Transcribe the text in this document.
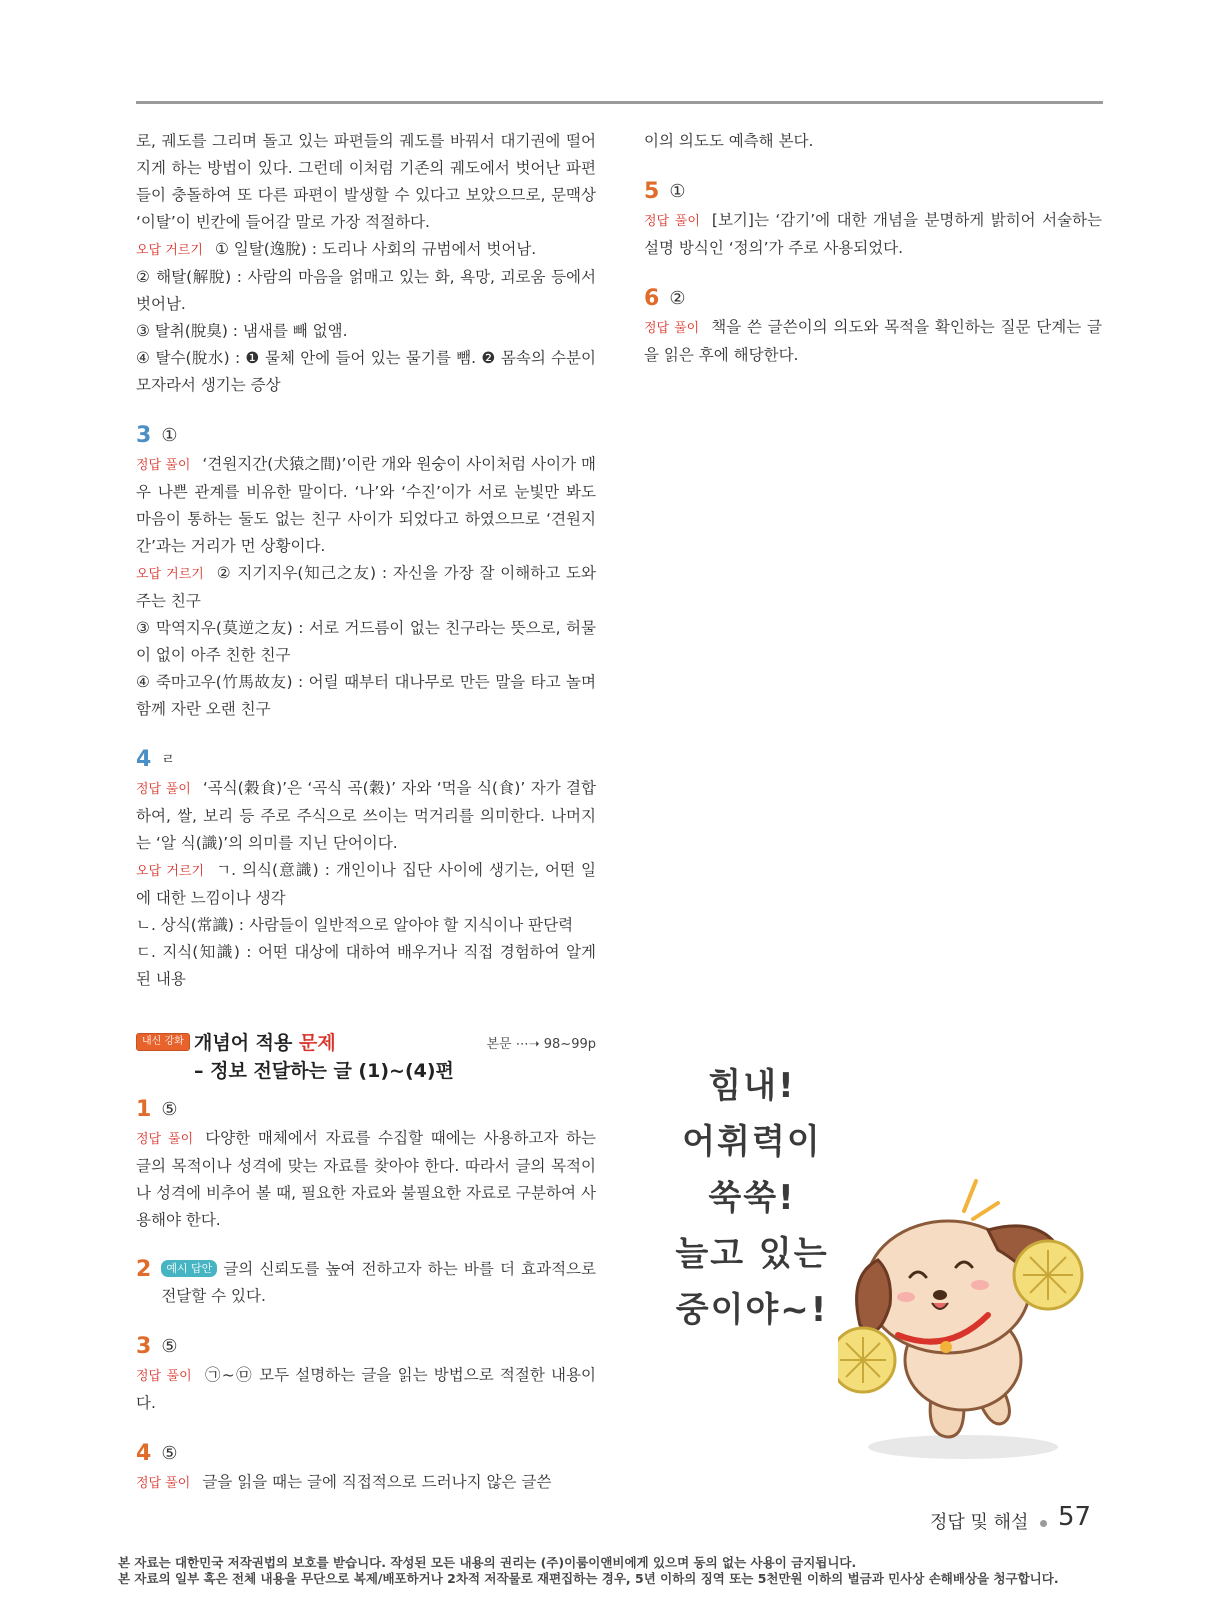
로, 궤도를 그리며 돌고 있는 파편들의 궤도를 바꿔서 대기권에 떨어지게 하는 방법이 있다. 그런데 이처럼 기존의 궤도에서 벗어난 파편들이 충돌하여 또 다른 파편이 발생할 수 있다고 보았으므로, 문맥상 ‘이탈’이 빈칸에 들어갈 말로 가장 적절하다.

오답 거르기 ① 일탈(逸脫) : 도리나 사회의 규범에서 벗어남.

② 해탈(解脫) : 사람의 마음을 얽매고 있는 화, 욕망, 괴로움 등에서 벗어남.

③ 탈취(脫臭) : 냄새를 빼 없앰.

④ 탈수(脫水) : ❶ 물체 안에 들어 있는 물기를 뺌. ❷ 몸속의 수분이 모자라서 생기는 증상

3 ①

정답 풀이 ‘견원지간(犬猿之間)’이란 개와 원숭이 사이처럼 사이가 매우 나쁜 관계를 비유한 말이다. ‘나’와 ‘수진’이가 서로 눈빛만 봐도 마음이 통하는 둘도 없는 친구 사이가 되었다고 하였으므로 ‘견원지간’과는 거리가 먼 상황이다.

오답 거르기 ② 지기지우(知己之友) : 자신을 가장 잘 이해하고 도와주는 친구

③ 막역지우(莫逆之友) : 서로 거드름이 없는 친구라는 뜻으로, 허물이 없이 아주 친한 친구

④ 죽마고우(竹馬故友) : 어릴 때부터 대나무로 만든 말을 타고 놀며 함께 자란 오랜 친구

4 ㄹ

정답 풀이 ‘곡식(穀食)’은 ‘곡식 곡(穀)’ 자와 ‘먹을 식(食)’ 자가 결합하여, 쌀, 보리 등 주로 주식으로 쓰이는 먹거리를 의미한다. 나머지는 ‘알 식(識)’의 의미를 지닌 단어이다.

오답 거르기 ㄱ. 의식(意識) : 개인이나 집단 사이에 생기는, 어떤 일에 대한 느낌이나 생각

ㄴ. 상식(常識) : 사람들이 일반적으로 알아야 할 지식이나 판단력

ㄷ. 지식(知識) : 어떤 대상에 대하여 배우거나 직접 경험하여 알게 된 내용

내신 강화 개념어 적용 문제
– 정보 전달하는 글 (1)~(4)편
본문 ⋯➝ 98~99p
1 ⑤

정답 풀이 다양한 매체에서 자료를 수집할 때에는 사용하고자 하는 글의 목적이나 성격에 맞는 자료를 찾아야 한다. 따라서 글의 목적이나 성격에 비추어 볼 때, 필요한 자료와 불필요한 자료로 구분하여 사용해야 한다.

2	예시 답안 글의 신뢰도를 높여 전하고자 하는 바를 더 효과적으로 전달할 수 있다.

3 ⑤

정답 풀이 ㉠~㉤ 모두 설명하는 글을 읽는 방법으로 적절한 내용이다.

4 ⑤

정답 풀이 글을 읽을 때는 글에 직접적으로 드러나지 않은 글쓴

이의 의도도 예측해 본다.

5 ①

정답 풀이 [보기]는 ‘감기’에 대한 개념을 분명하게 밝히어 서술하는 설명 방식인 ‘정의’가 주로 사용되었다.

6 ②

정답 풀이 책을 쓴 글쓴이의 의도와 목적을 확인하는 질문 단계는 글을 읽은 후에 해당한다.

힘내!
어휘력이
쑥쑥!
늘고 있는
중이야~!
정답 및 해설 57
본 자료는 대한민국 저작권법의 보호를 받습니다. 작성된 모든 내용의 권리는 (주)이룸이앤비에게 있으며 동의 없는 사용이 금지됩니다.
본 자료의 일부 혹은 전체 내용을 무단으로 복제/배포하거나 2차적 저작물로 재편집하는 경우, 5년 이하의 징역 또는 5천만원 이하의 벌금과 민사상 손해배상을 청구합니다.
